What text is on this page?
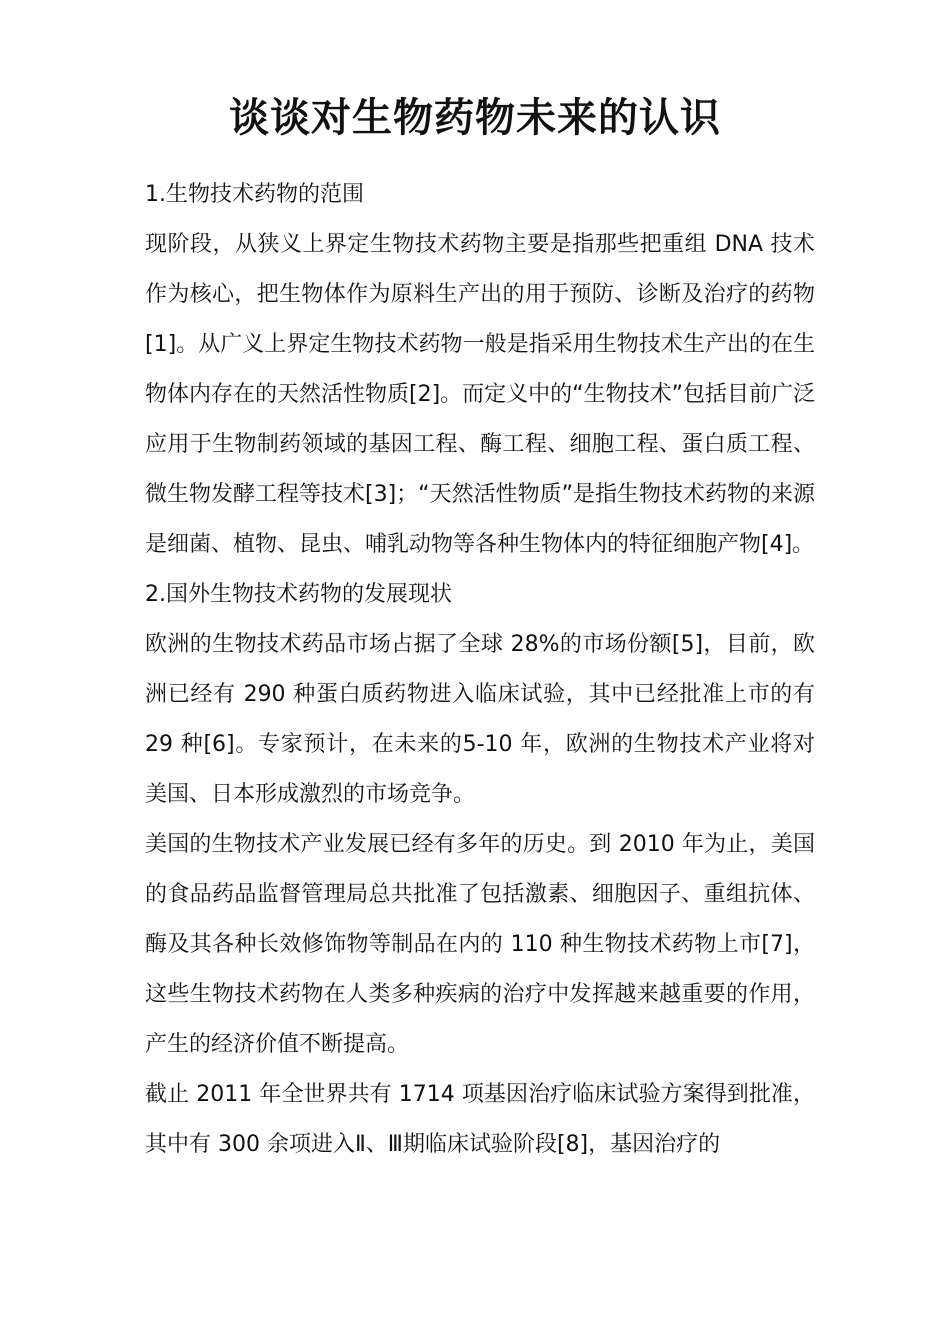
谈谈对生物药物未来的认识
1.生物技术药物的范围

现阶段，从狭义上界定生物技术药物主要是指那些把重组 DNA 技术作为核心，把生物体作为原料生产出的用于预防、诊断及治疗的药物[1]。从广义上界定生物技术药物一般是指采用生物技术生产出的在生物体内存在的天然活性物质[2]。而定义中的“生物技术”包括目前广泛应用于生物制药领域的基因工程、酶工程、细胞工程、蛋白质工程、微生物发酵工程等技术[3]；“天然活性物质”是指生物技术药物的来源是细菌、植物、昆虫、哺乳动物等各种生物体内的特征细胞产物[4]。

2.国外生物技术药物的发展现状

欧洲的生物技术药品市场占据了全球 28%的市场份额[5]，目前，欧洲已经有 290 种蛋白质药物进入临床试验，其中已经批准上市的有 29 种[6]。专家预计，在未来的5-10 年，欧洲的生物技术产业将对美国、日本形成激烈的市场竞争。

美国的生物技术产业发展已经有多年的历史。到 2010 年为止，美国的食品药品监督管理局总共批准了包括激素、细胞因子、重组抗体、酶及其各种长效修饰物等制品在内的 110 种生物技术药物上市[7]，这些生物技术药物在人类多种疾病的治疗中发挥越来越重要的作用，产生的经济价值不断提高。

截止 2011 年全世界共有 1714 项基因治疗临床试验方案得到批准，其中有 300 余项进入Ⅱ、Ⅲ期临床试验阶段[8]，基因治疗的
